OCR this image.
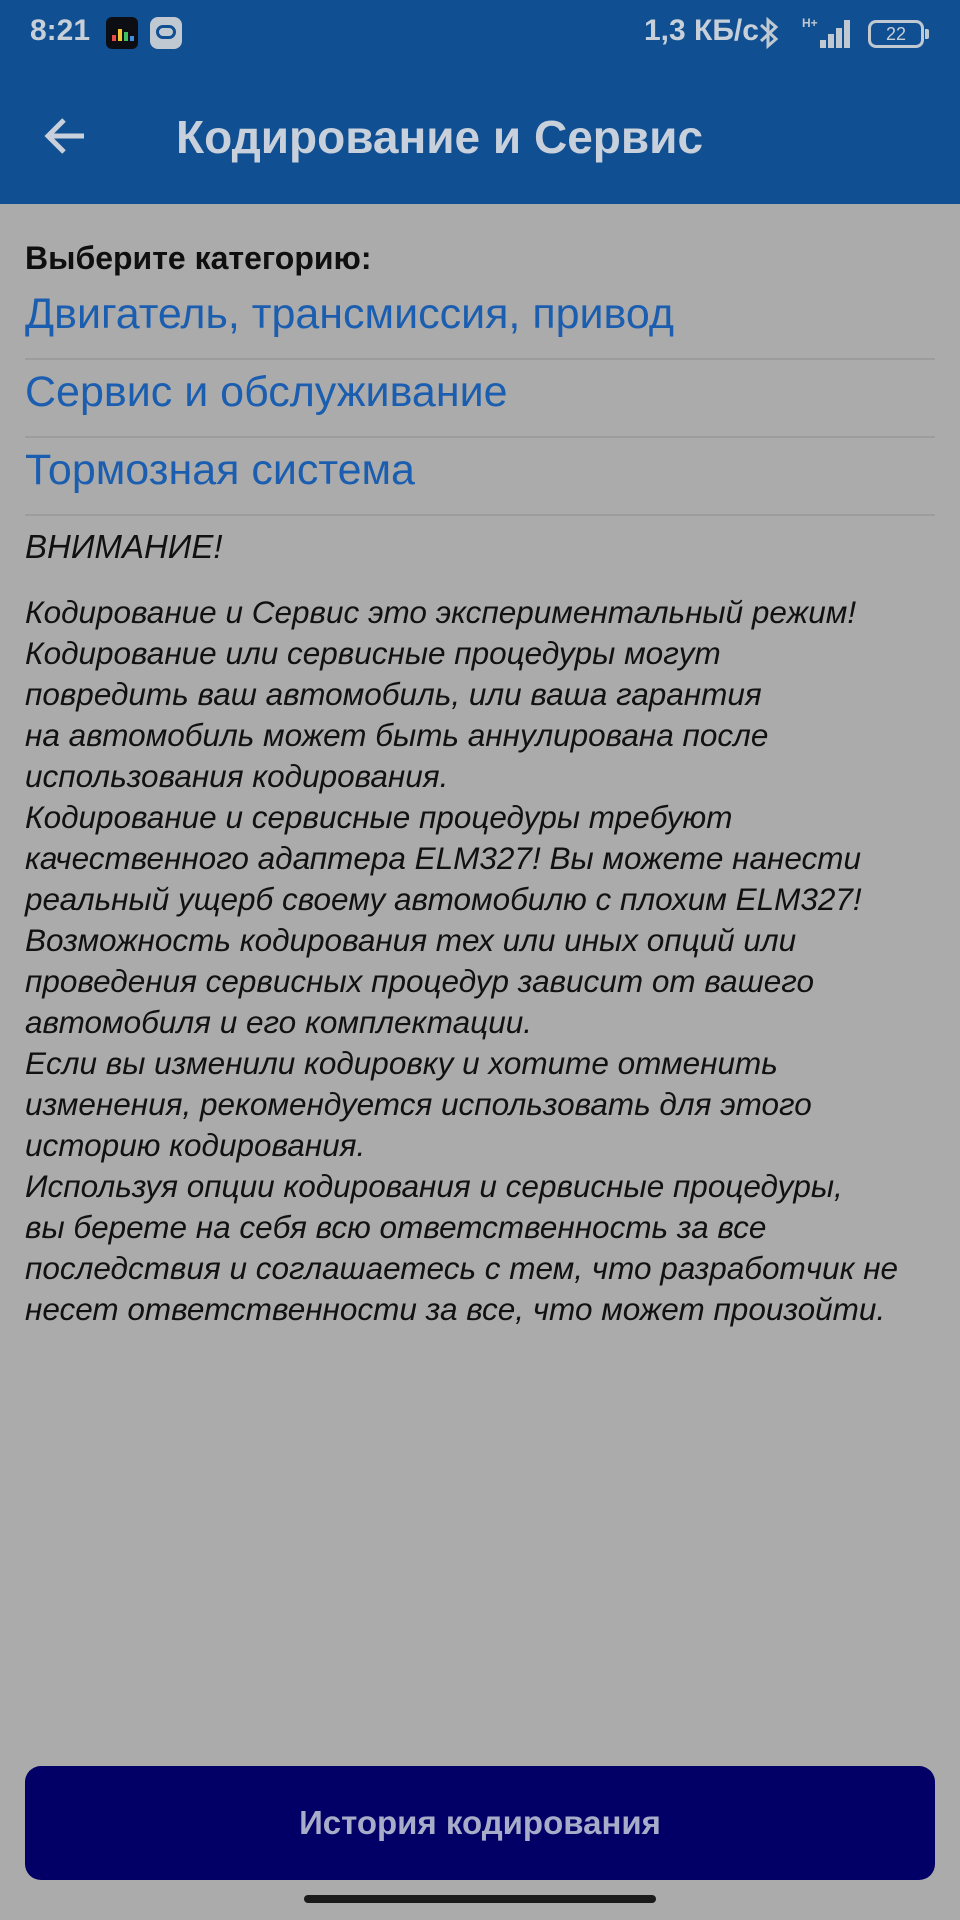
8:21	1,3 КБ/с	H+
22
Кодирование и Сервис
Выберите категорию:
Двигатель, трансмиссия, привод
Сервис и обслуживание
Тормозная система
ВНИМАНИЕ!
Кодирование и Сервис это экспериментальный режим!
Кодирование или сервисные процедуры могут
повредить ваш автомобиль, или ваша гарантия
на автомобиль может быть аннулирована после
использования кодирования.
Кодирование и сервисные процедуры требуют
качественного адаптера ELM327! Вы можете нанести
реальный ущерб своему автомобилю с плохим ELM327!
Возможность кодирования тех или иных опций или
проведения сервисных процедур зависит от вашего
автомобиля и его комплектации.
Если вы изменили кодировку и хотите отменить
изменения, рекомендуется использовать для этого
историю кодирования.
Используя опции кодирования и сервисные процедуры,
вы берете на себя всю ответственность за все
последствия и соглашаетесь с тем, что разработчик не
несет ответственности за все, что может произойти.
История кодирования
